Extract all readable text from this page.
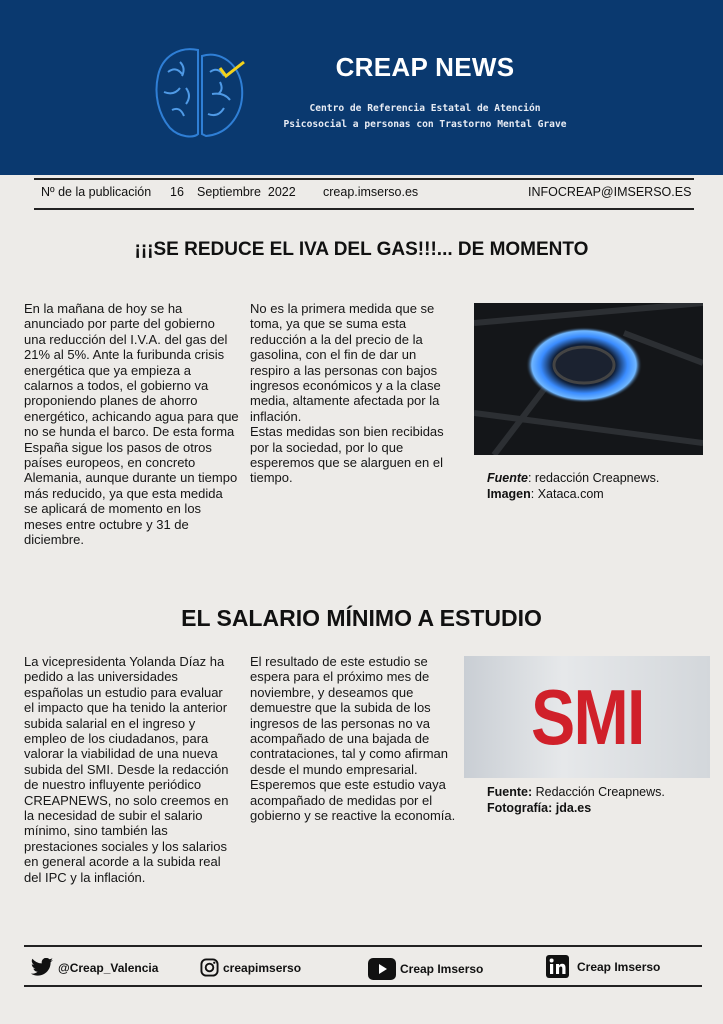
CREAP NEWS
Centro de Referencia Estatal de Atención
Psicosocial a personas con Trastorno Mental Grave
Nº de la publicación 16 Septiembre  2022 creap.imserso.es	INFOCREAP@IMSERSO.ES
¡¡¡SE REDUCE EL IVA DEL GAS!!!... DE MOMENTO
En la mañana de hoy se ha anunciado por parte del gobierno una reducción del I.V.A. del gas del 21% al 5%. Ante la furibunda crisis energética que ya empieza a calarnos a todos, el gobierno va proponiendo planes de ahorro energético, achicando agua para que no se hunda el barco. De esta forma España sigue los pasos de otros países europeos, en concreto Alemania, aunque durante un tiempo más reducido, ya que esta medida se aplicará de momento en los meses entre octubre y 31 de diciembre.
No es la primera medida que se toma, ya que se suma esta reducción a la del precio de la gasolina, con el fin de dar un respiro a las personas con bajos ingresos económicos y a la clase media, altamente afectada por la inflación.
Estas medidas son bien recibidas por la sociedad, por lo que esperemos que se alarguen en el tiempo.	Fuente: redacción Creapnews.
Imagen: Xataca.com
EL SALARIO MÍNIMO A ESTUDIO
La vicepresidenta Yolanda Díaz ha pedido a las universidades españolas un estudio para evaluar el impacto que ha tenido la anterior subida salarial en el ingreso y empleo de los ciudadanos, para valorar la viabilidad de una nueva subida del SMI. Desde la redacción de nuestro influyente periódico CREAPNEWS, no solo creemos en la necesidad de subir el salario mínimo, sino también las prestaciones sociales y los salarios en general acorde a la subida real del IPC y la inflación.
El resultado de este estudio se espera para el próximo mes de noviembre, y deseamos que demuestre que la subida de los ingresos de las personas no va acompañado de una bajada de contrataciones, tal y como afirman desde el mundo empresarial. Esperemos que este estudio vaya acompañado de medidas por el gobierno y se reactive la economía.
SMI
Fuente: Redacción Creapnews.
Fotografía: jda.es
@Creap_Valencia	creapimserso	Creap Imserso	Creap Imserso
